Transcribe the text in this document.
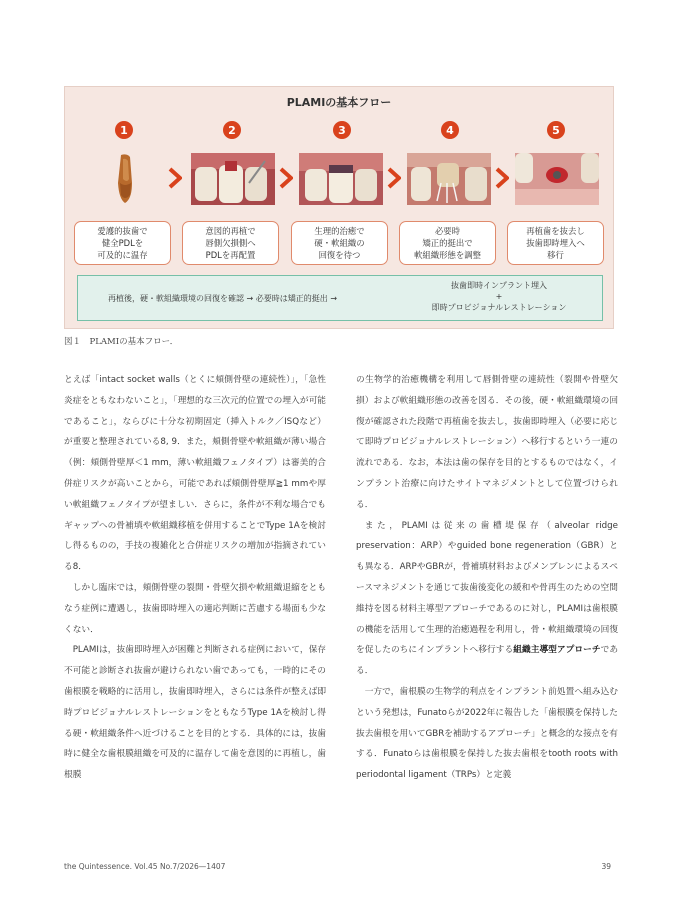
PLAMIの基本フロー
1	2	3	4	5
愛護的抜歯で
健全PDLを
可及的に温存
意図的再植で
唇側欠損側へ
PDLを再配置
生理的治癒で
硬・軟組織の
回復を待つ
必要時
矯正的挺出で
軟組織形態を調整
再植歯を抜去し
抜歯即時埋入へ
移行
再植後，硬・軟組織環境の回復を確認 → 必要時は矯正的挺出 →
抜歯即時インプラント埋入
+
即時プロビジョナルレストレーション
図１　PLAMIの基本フロー．

とえば「intact socket walls（とくに頬側骨壁の連続性）」，「急性炎症をともなわないこと」，「理想的な三次元的位置での埋入が可能であること」，ならびに十分な初期固定（挿入トルク／ISQなど）が重要と整理されている8, 9．また，頬側骨壁や軟組織が薄い場合（例：頬側骨壁厚＜1 mm，薄い軟組織フェノタイプ）は審美的合併症リスクが高いことから，可能であれば頬側骨壁厚≧1 mmや厚い軟組織フェノタイプが望ましい．さらに，条件が不利な場合でもギャップへの骨補填や軟組織移植を併用することでType 1Aを検討し得るものの，手技の複雑化と合併症リスクの増加が指摘されている8．

しかし臨床では，頬側骨壁の裂開・骨壁欠損や軟組織退縮をともなう症例に遭遇し，抜歯即時埋入の適応判断に苦慮する場面も少なくない．

PLAMIは，抜歯即時埋入が困難と判断される症例において，保存不可能と診断され抜歯が避けられない歯であっても，一時的にその歯根膜を戦略的に活用し，抜歯即時埋入，さらには条件が整えば即時プロビジョナルレストレーションをともなうType 1Aを検討し得る硬・軟組織条件へ近づけることを目的とする．具体的には，抜歯時に健全な歯根膜組織を可及的に温存して歯を意図的に再植し，歯根膜

の生物学的治癒機構を利用して唇側骨壁の連続性（裂開や骨壁欠損）および軟組織形態の改善を図る．その後，硬・軟組織環境の回復が確認された段階で再植歯を抜去し，抜歯即時埋入（必要に応じて即時プロビジョナルレストレーション）へ移行するという一連の流れである．なお，本法は歯の保存を目的とするものではなく，インプラント治療に向けたサイトマネジメントとして位置づけられる．

また，PLAMIは従来の歯槽堤保存（alveolar ridge preservation：ARP）やguided bone regeneration（GBR）とも異なる．ARPやGBRが，骨補填材料およびメンブレンによるスペースマネジメントを通じて抜歯後変化の緩和や骨再生のための空間維持を図る材料主導型アプローチであるのに対し，PLAMIは歯根膜の機能を活用して生理的治癒過程を利用し，骨・軟組織環境の回復を促したのちにインプラントへ移行する組織主導型アプローチである．

一方で，歯根膜の生物学的利点をインプラント前処置へ組み込むという発想は，Funatoらが2022年に報告した「歯根膜を保持した抜去歯根を用いてGBRを補助するアプローチ」と概念的な接点を有する．Funatoらは歯根膜を保持した抜去歯根をtooth roots with periodontal ligament（TRPs）と定義

the Quintessence. Vol.45 No.7/2026—1407	39
